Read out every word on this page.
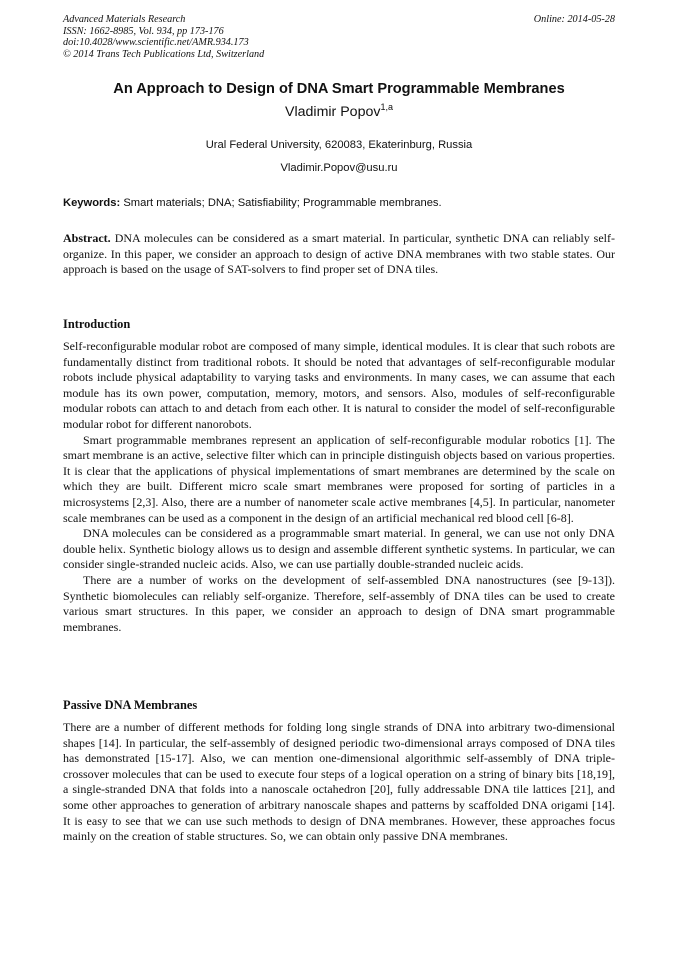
Advanced Materials Research
ISSN: 1662-8985, Vol. 934, pp 173-176
doi:10.4028/www.scientific.net/AMR.934.173
© 2014 Trans Tech Publications Ltd, Switzerland
Online: 2014-05-28
An Approach to Design of DNA Smart Programmable Membranes
Vladimir Popov$^{1,a}$
Ural Federal University, 620083, Ekaterinburg, Russia
Vladimir.Popov@usu.ru
Keywords: Smart materials; DNA; Satisfiability; Programmable membranes.
Abstract. DNA molecules can be considered as a smart material. In particular, synthetic DNA can reliably self-organize. In this paper, we consider an approach to design of active DNA membranes with two stable states. Our approach is based on the usage of SAT-solvers to find proper set of DNA tiles.
Introduction

Self-reconfigurable modular robot are composed of many simple, identical modules. It is clear that such robots are fundamentally distinct from traditional robots. It should be noted that advantages of self-reconfigurable modular robots include physical adaptability to varying tasks and environments. In many cases, we can assume that each module has its own power, computation, memory, motors, and sensors. Also, modules of self-reconfigurable modular robots can attach to and detach from each other. It is natural to consider the model of self-reconfigurable modular robot for different nanorobots.

Smart programmable membranes represent an application of self-reconfigurable modular robotics [1]. The smart membrane is an active, selective filter which can in principle distinguish objects based on various properties. It is clear that the applications of physical implementations of smart membranes are determined by the scale on which they are built. Different micro scale smart membranes were proposed for sorting of particles in a microsystems [2,3]. Also, there are a number of nanometer scale active membranes [4,5]. In particular, nanometer scale membranes can be used as a component in the design of an artificial mechanical red blood cell [6-8].

DNA molecules can be considered as a programmable smart material. In general, we can use not only DNA double helix. Synthetic biology allows us to design and assemble different synthetic systems. In particular, we can consider single-stranded nucleic acids. Also, we can use partially double-stranded nucleic acids.

There are a number of works on the development of self-assembled DNA nanostructures (see [9-13]). Synthetic biomolecules can reliably self-organize. Therefore, self-assembly of DNA tiles can be used to create various smart structures. In this paper, we consider an approach to design of DNA smart programmable membranes.

Passive DNA Membranes

There are a number of different methods for folding long single strands of DNA into arbitrary two-dimensional shapes [14]. In particular, the self-assembly of designed periodic two-dimensional arrays composed of DNA tiles has demonstrated [15-17]. Also, we can mention one-dimensional algorithmic self-assembly of DNA triple-crossover molecules that can be used to execute four steps of a logical operation on a string of binary bits [18,19], a single-stranded DNA that folds into a nanoscale octahedron [20], fully addressable DNA tile lattices [21], and some other approaches to generation of arbitrary nanoscale shapes and patterns by scaffolded DNA origami [14]. It is easy to see that we can use such methods to design of DNA membranes. However, these approaches focus mainly on the creation of stable structures. So, we can obtain only passive DNA membranes.
